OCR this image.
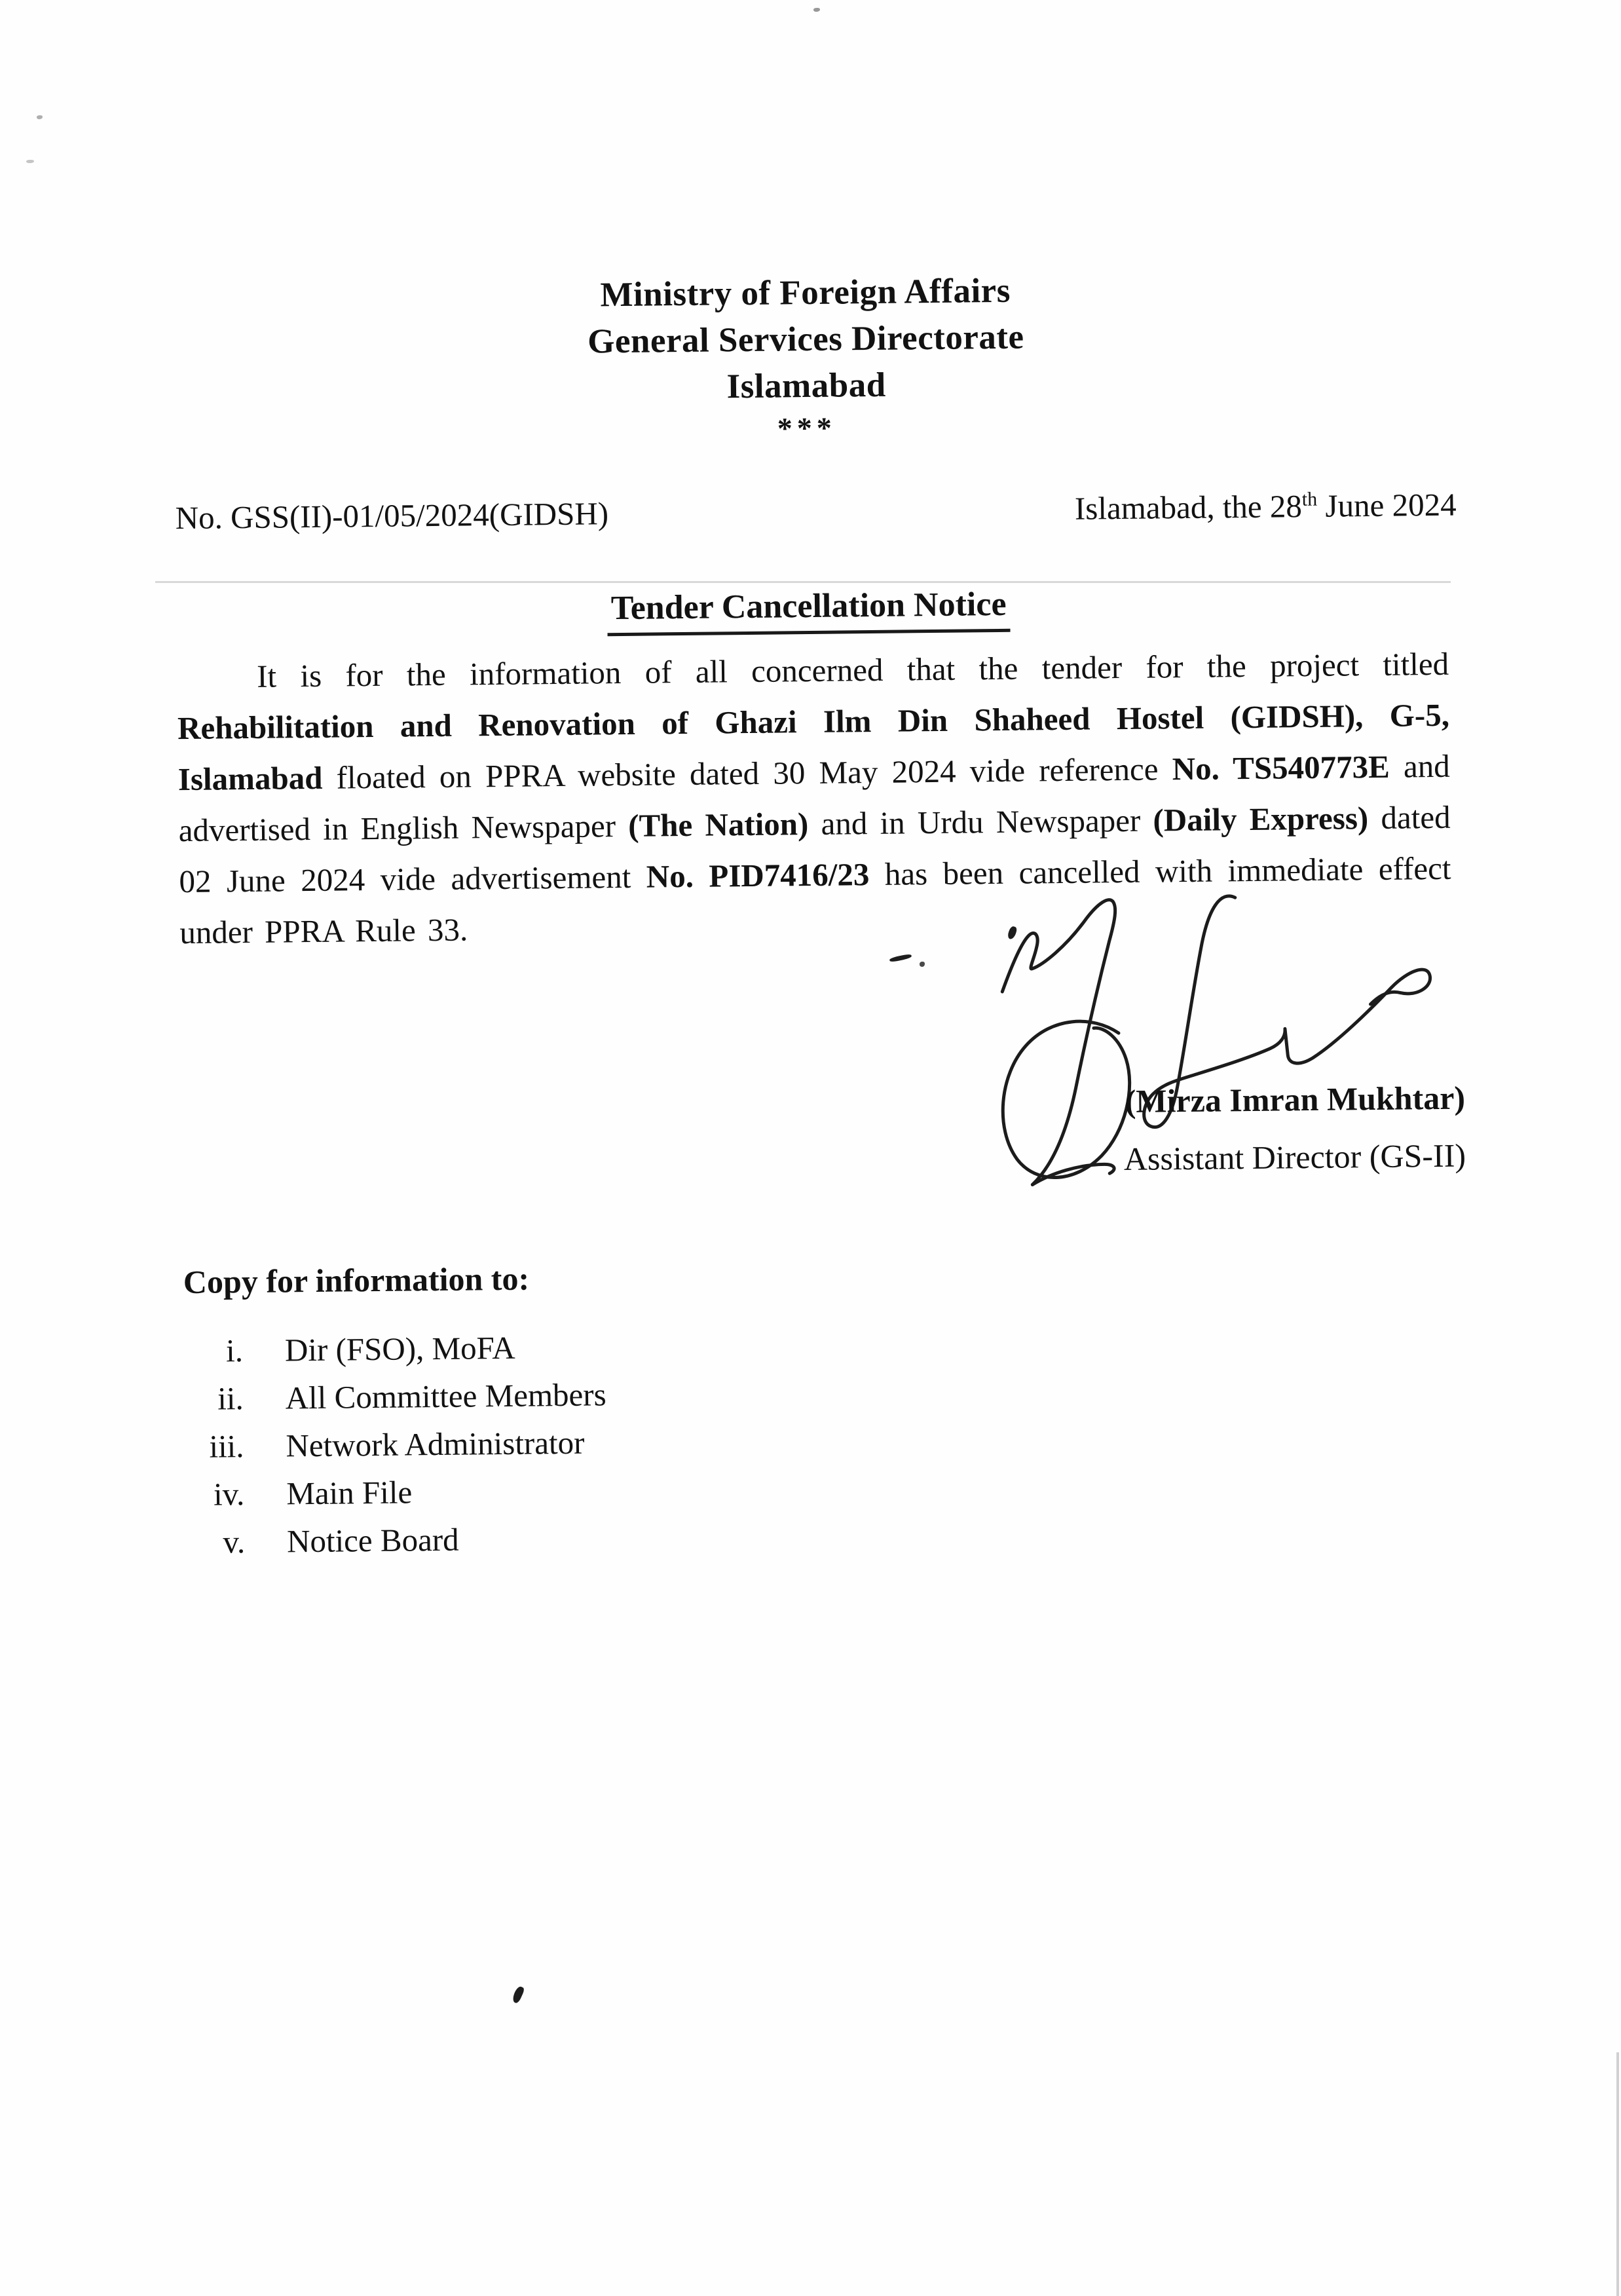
Ministry of Foreign Affairs
General Services Directorate
Islamabad
***
No. GSS(II)-01/05/2024(GIDSH)	Islamabad, the 28th June 2024
Tender Cancellation Notice

It is for the information of all concerned that the tender for the project titled Rehabilitation and Renovation of Ghazi Ilm Din Shaheed Hostel (GIDSH), G-5, Islamabad floated on PPRA website dated 30 May 2024 vide reference No. TS540773E and advertised in English Newspaper (The Nation) and in Urdu Newspaper (Daily Express) dated 02 June 2024 vide advertisement No. PID7416/23 has been cancelled with immediate effect under PPRA Rule 33.

(Mirza Imran Mukhtar)
Assistant Director (GS-II)
Copy for information to:
i. Dir (FSO), MoFA
ii. All Committee Members
iii. Network Administrator
iv. Main File
v. Notice Board
